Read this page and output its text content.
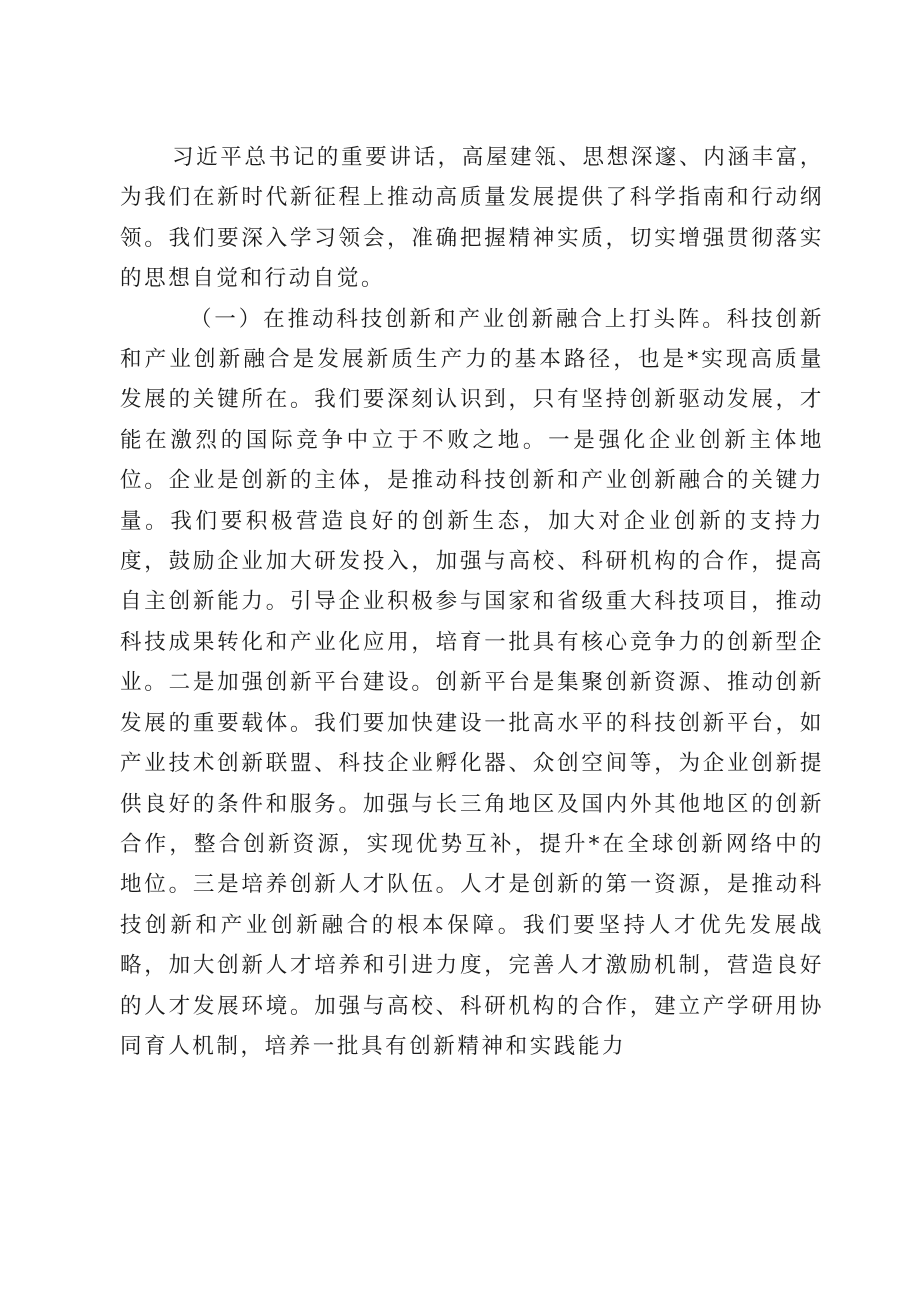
习近平总书记的重要讲话，高屋建瓴、思想深邃、内涵丰富，为我们在新时代新征程上推动高质量发展提供了科学指南和行动纲领。我们要深入学习领会，准确把握精神实质，切实增强贯彻落实的思想自觉和行动自觉。

（一）在推动科技创新和产业创新融合上打头阵。科技创新和产业创新融合是发展新质生产力的基本路径，也是*实现高质量发展的关键所在。我们要深刻认识到，只有坚持创新驱动发展，才能在激烈的国际竞争中立于不败之地。一是强化企业创新主体地位。企业是创新的主体，是推动科技创新和产业创新融合的关键力量。我们要积极营造良好的创新生态，加大对企业创新的支持力度，鼓励企业加大研发投入，加强与高校、科研机构的合作，提高自主创新能力。引导企业积极参与国家和省级重大科技项目，推动科技成果转化和产业化应用，培育一批具有核心竞争力的创新型企业。二是加强创新平台建设。创新平台是集聚创新资源、推动创新发展的重要载体。我们要加快建设一批高水平的科技创新平台，如产业技术创新联盟、科技企业孵化器、众创空间等，为企业创新提供良好的条件和服务。加强与长三角地区及国内外其他地区的创新合作，整合创新资源，实现优势互补，提升*在全球创新网络中的地位。三是培养创新人才队伍。人才是创新的第一资源，是推动科技创新和产业创新融合的根本保障。我们要坚持人才优先发展战略，加大创新人才培养和引进力度，完善人才激励机制，营造良好的人才发展环境。加强与高校、科研机构的合作，建立产学研用协同育人机制，培养一批具有创新精神和实践能力
